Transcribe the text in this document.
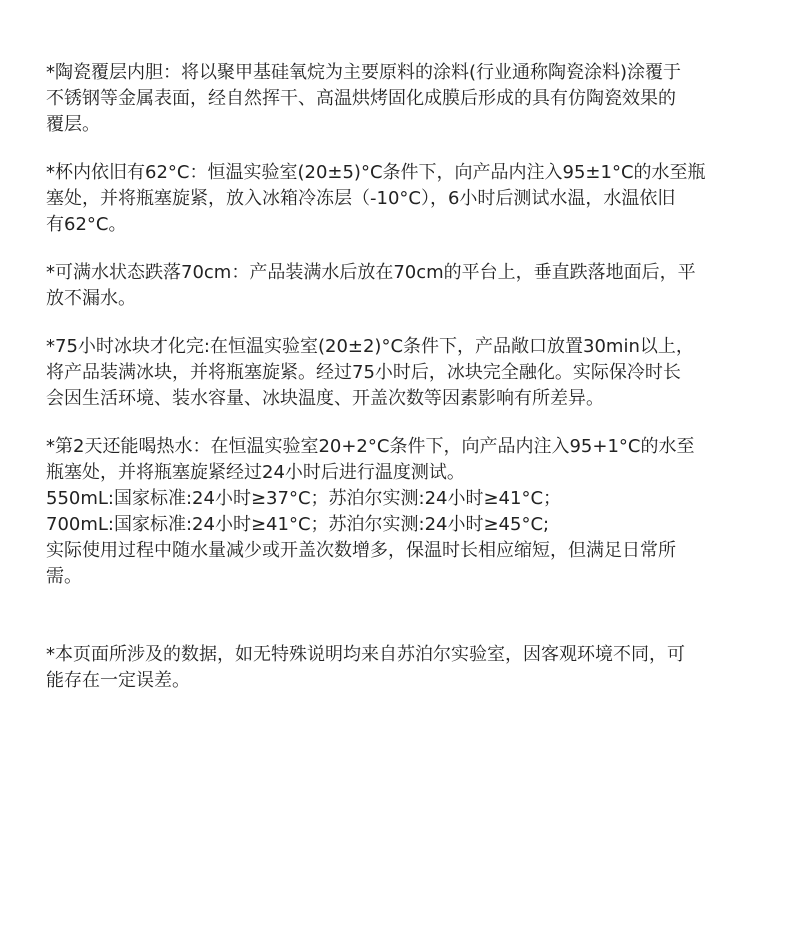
*陶瓷覆层内胆：将以聚甲基硅氧烷为主要原料的涂料(行业通称陶瓷涂料)涂覆于
不锈钢等金属表面，经自然挥干、高温烘烤固化成膜后形成的具有仿陶瓷效果的
覆层。

*杯内依旧有62°C：恒温实验室(20±5)°C条件下，向产品内注入95±1°C的水至瓶
塞处，并将瓶塞旋紧，放入冰箱冷冻层（-10°C），6小时后测试水温，水温依旧
有62°C。

*可满水状态跌落70cm：产品装满水后放在70cm的平台上，垂直跌落地面后，平
放不漏水。

*75小时冰块才化完:在恒温实验室(20±2)°C条件下，产品敞口放置30min以上，
将产品装满冰块，并将瓶塞旋紧。经过75小时后，冰块完全融化。实际保冷时长
会因生活环境、装水容量、冰块温度、开盖次数等因素影响有所差异。

*第2天还能喝热水：在恒温实验室20+2°C条件下，向产品内注入95+1°C的水至
瓶塞处，并将瓶塞旋紧经过24小时后进行温度测试。
550mL:国家标准:24小时≥37°C；苏泊尔实测:24小时≥41°C；
700mL:国家标准:24小时≥41°C；苏泊尔实测:24小时≥45°C;
实际使用过程中随水量减少或开盖次数增多，保温时长相应缩短，但满足日常所
需。

*本页面所涉及的数据，如无特殊说明均来自苏泊尔实验室，因客观环境不同，可
能存在一定误差。
